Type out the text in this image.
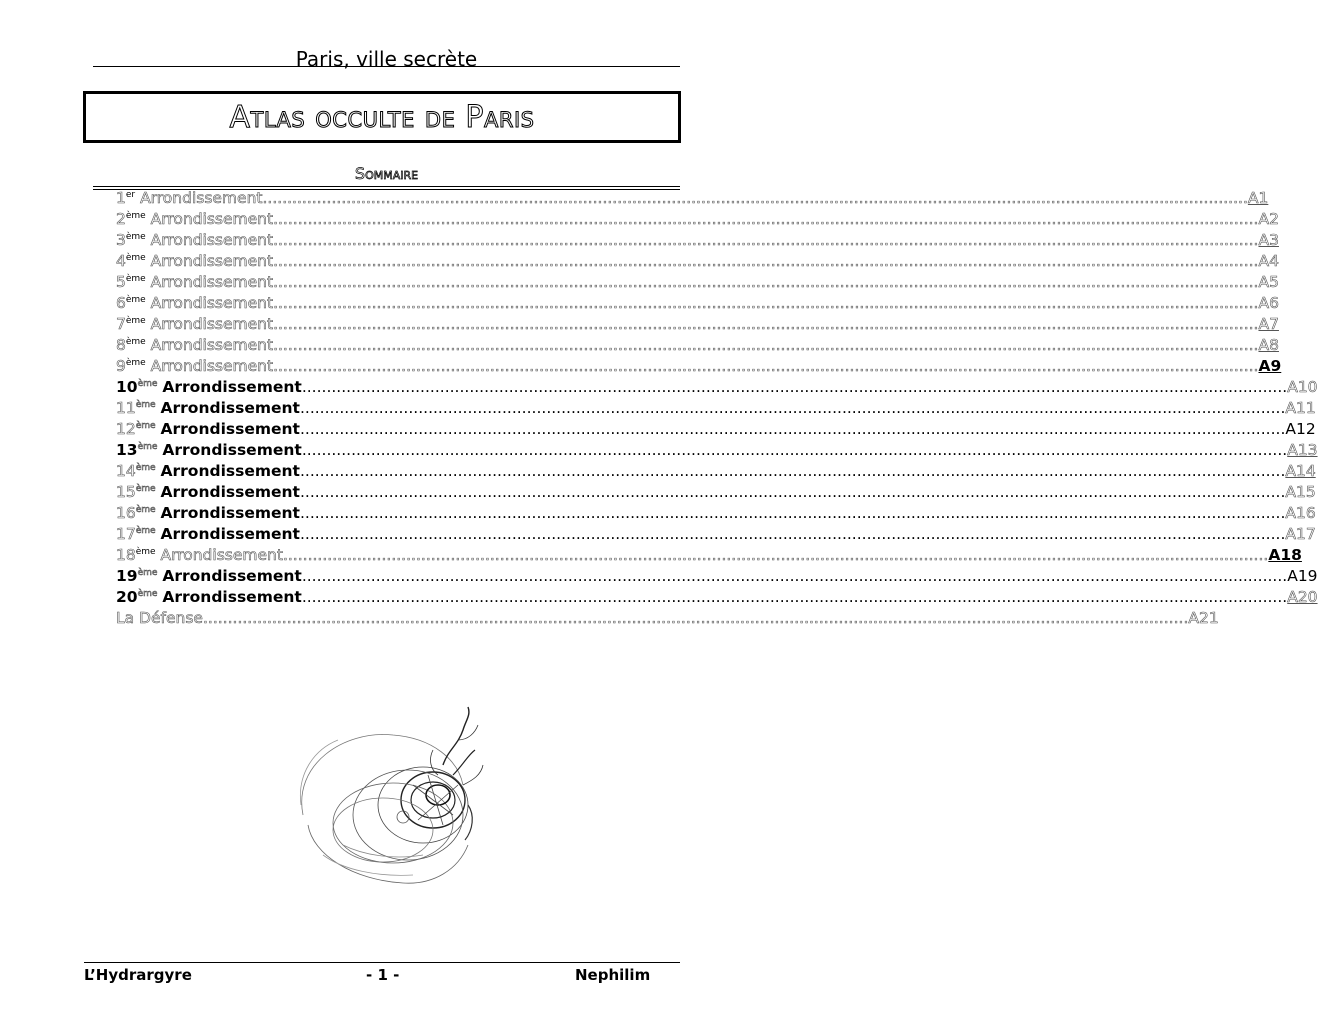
Paris, ville secrète
Atlas occulte de Paris
Sommaire
1er Arrondissement ........................................................................................................................................................................................................ A1
2ème Arrondissement ........................................................................................................................................................................................................ A2
3ème Arrondissement ........................................................................................................................................................................................................ A3
4ème Arrondissement ........................................................................................................................................................................................................ A4
5ème Arrondissement ........................................................................................................................................................................................................ A5
6ème Arrondissement ........................................................................................................................................................................................................ A6
7ème Arrondissement ........................................................................................................................................................................................................ A7
8ème Arrondissement ........................................................................................................................................................................................................ A8
9ème Arrondissement ........................................................................................................................................................................................................ A9
10ème Arrondissement ........................................................................................................................................................................................................ A10
11ème Arrondissement ........................................................................................................................................................................................................ A11
12ème Arrondissement ........................................................................................................................................................................................................ A12
13ème Arrondissement ........................................................................................................................................................................................................ A13
14ème Arrondissement ........................................................................................................................................................................................................ A14
15ème Arrondissement ........................................................................................................................................................................................................ A15
16ème Arrondissement ........................................................................................................................................................................................................ A16
17ème Arrondissement ........................................................................................................................................................................................................ A17
18ème Arrondissement ........................................................................................................................................................................................................ A18
19ème Arrondissement ........................................................................................................................................................................................................ A19
20ème Arrondissement ........................................................................................................................................................................................................ A20
La Défense ........................................................................................................................................................................................................ A21
L’Hydrargyre	- 1 -	Nephilim
